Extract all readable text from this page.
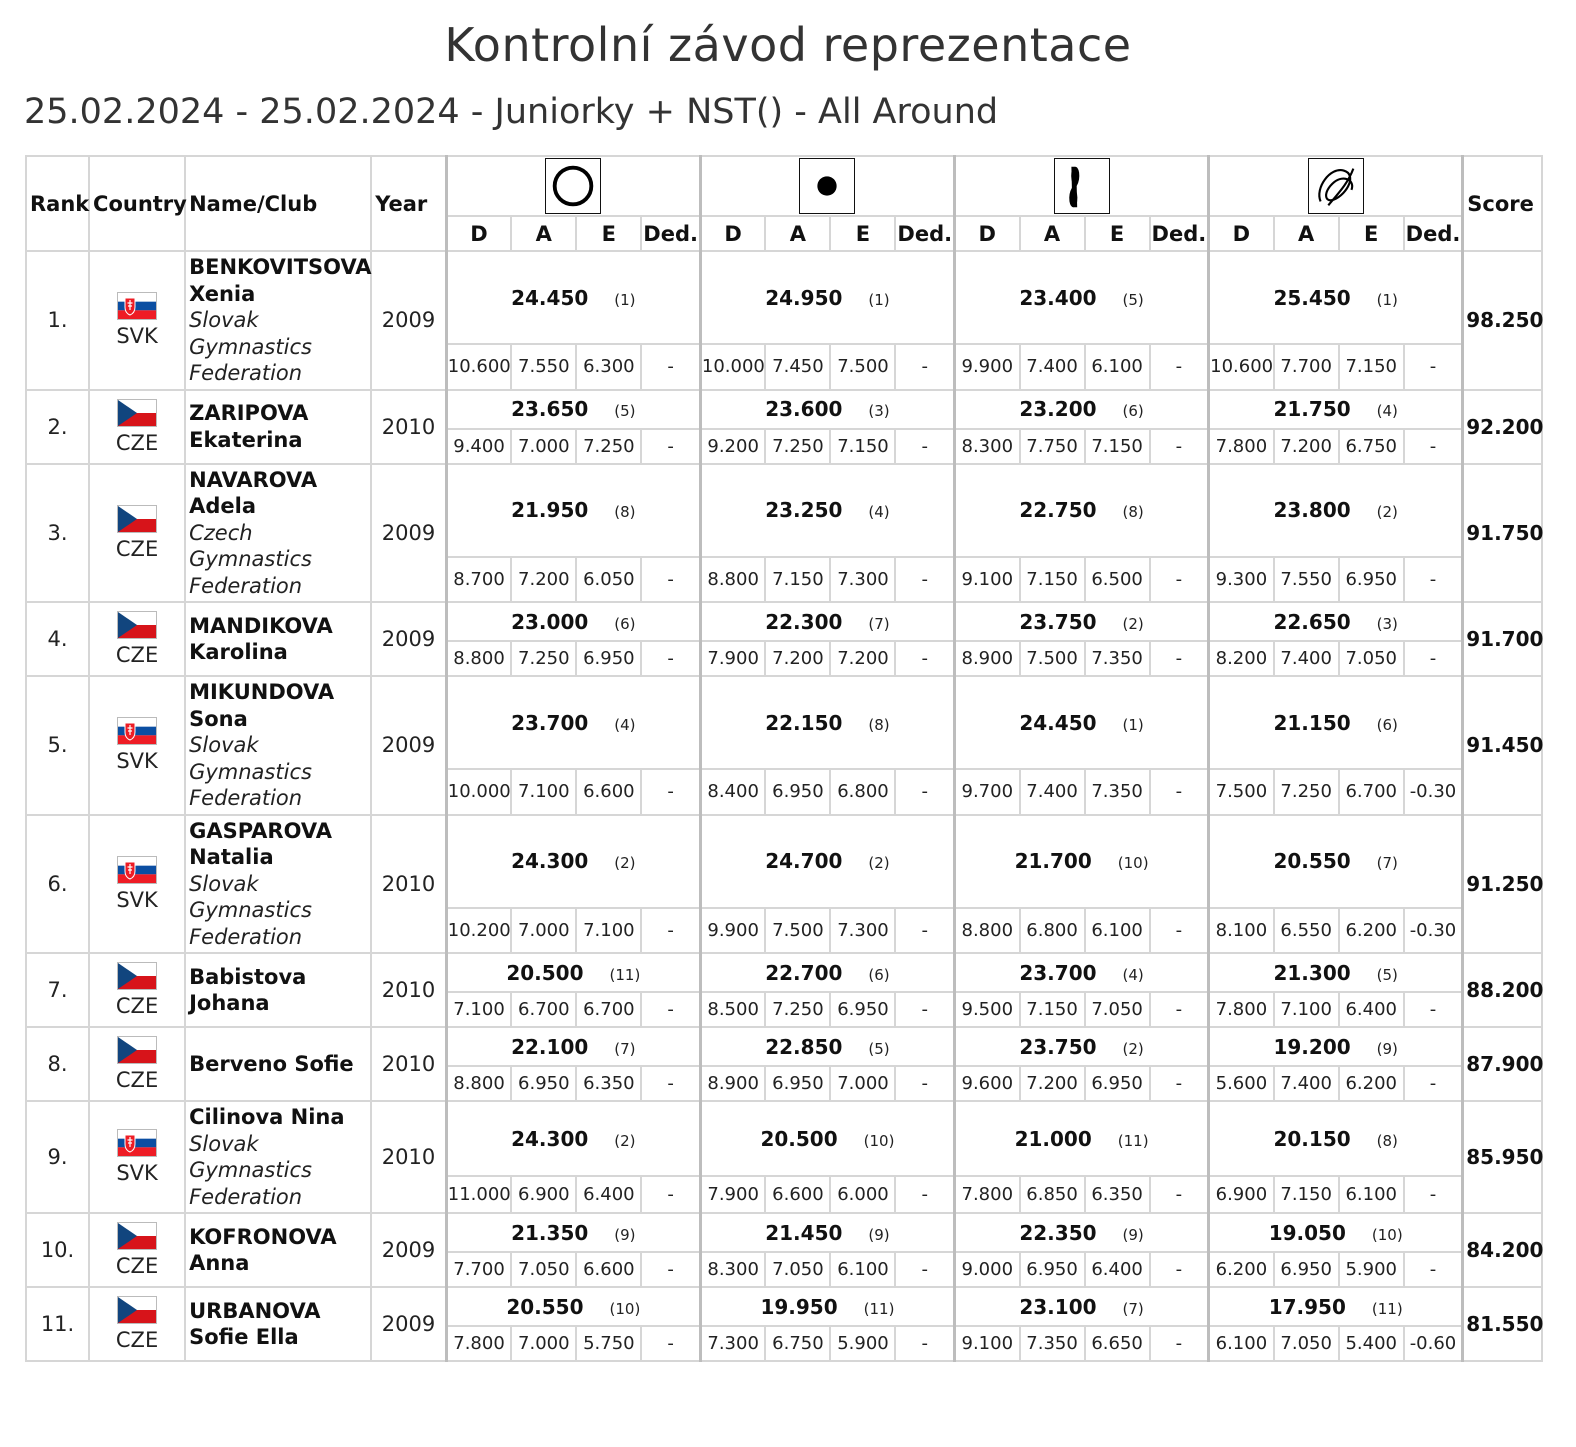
Kontrolní závod reprezentace
25.02.2024 - 25.02.2024 - Juniorky + NST() - All Around
Rank	Country	Name/Club	Year																	Score
				D	A	E	Ded.	D	A	E	Ded.	D	A	E	Ded.	D	A	E	Ded.	
1.	SVK	BENKOVITSOVA Xenia
Slovak Gymnastics Federation	2009	24.450 (1)				24.950 (1)				23.400 (5)				25.450 (1)				98.250
				10.600	7.550	6.300	-	10.000	7.450	7.500	-	9.900	7.400	6.100	-	10.600	7.700	7.150	-	
2.	CZE	ZARIPOVA Ekaterina	2010	23.650 (5)				23.600 (3)				23.200 (6)				21.750 (4)				92.200
				9.400	7.000	7.250	-	9.200	7.250	7.150	-	8.300	7.750	7.150	-	7.800	7.200	6.750	-	
3.	CZE	NAVAROVA Adela
Czech Gymnastics Federation	2009	21.950 (8)				23.250 (4)				22.750 (8)				23.800 (2)				91.750
				8.700	7.200	6.050	-	8.800	7.150	7.300	-	9.100	7.150	6.500	-	9.300	7.550	6.950	-	
4.	CZE	MANDIKOVA Karolina	2009	23.000 (6)				22.300 (7)				23.750 (2)				22.650 (3)				91.700
				8.800	7.250	6.950	-	7.900	7.200	7.200	-	8.900	7.500	7.350	-	8.200	7.400	7.050	-	
5.	SVK	MIKUNDOVA Sona
Slovak Gymnastics Federation	2009	23.700 (4)				22.150 (8)				24.450 (1)				21.150 (6)				91.450
				10.000	7.100	6.600	-	8.400	6.950	6.800	-	9.700	7.400	7.350	-	7.500	7.250	6.700	-0.30	
6.	SVK	GASPAROVA Natalia
Slovak Gymnastics Federation	2010	24.300 (2)				24.700 (2)				21.700 (10)				20.550 (7)				91.250
				10.200	7.000	7.100	-	9.900	7.500	7.300	-	8.800	6.800	6.100	-	8.100	6.550	6.200	-0.30	
7.	CZE	Babistova Johana	2010	20.500 (11)				22.700 (6)				23.700 (4)				21.300 (5)				88.200
				7.100	6.700	6.700	-	8.500	7.250	6.950	-	9.500	7.150	7.050	-	7.800	7.100	6.400	-	
8.	CZE	Berveno Sofie	2010	22.100 (7)				22.850 (5)				23.750 (2)				19.200 (9)				87.900
				8.800	6.950	6.350	-	8.900	6.950	7.000	-	9.600	7.200	6.950	-	5.600	7.400	6.200	-	
9.	SVK	Cilinova Nina
Slovak Gymnastics Federation	2010	24.300 (2)				20.500 (10)				21.000 (11)				20.150 (8)				85.950
				11.000	6.900	6.400	-	7.900	6.600	6.000	-	7.800	6.850	6.350	-	6.900	7.150	6.100	-	
10.	CZE	KOFRONOVA Anna	2009	21.350 (9)				21.450 (9)				22.350 (9)				19.050 (10)				84.200
				7.700	7.050	6.600	-	8.300	7.050	6.100	-	9.000	6.950	6.400	-	6.200	6.950	5.900	-	
11.	CZE	URBANOVA Sofie Ella	2009	20.550 (10)				19.950 (11)				23.100 (7)				17.950 (11)				81.550
				7.800	7.000	5.750	-	7.300	6.750	5.900	-	9.100	7.350	6.650	-	6.100	7.050	5.400	-0.60	
